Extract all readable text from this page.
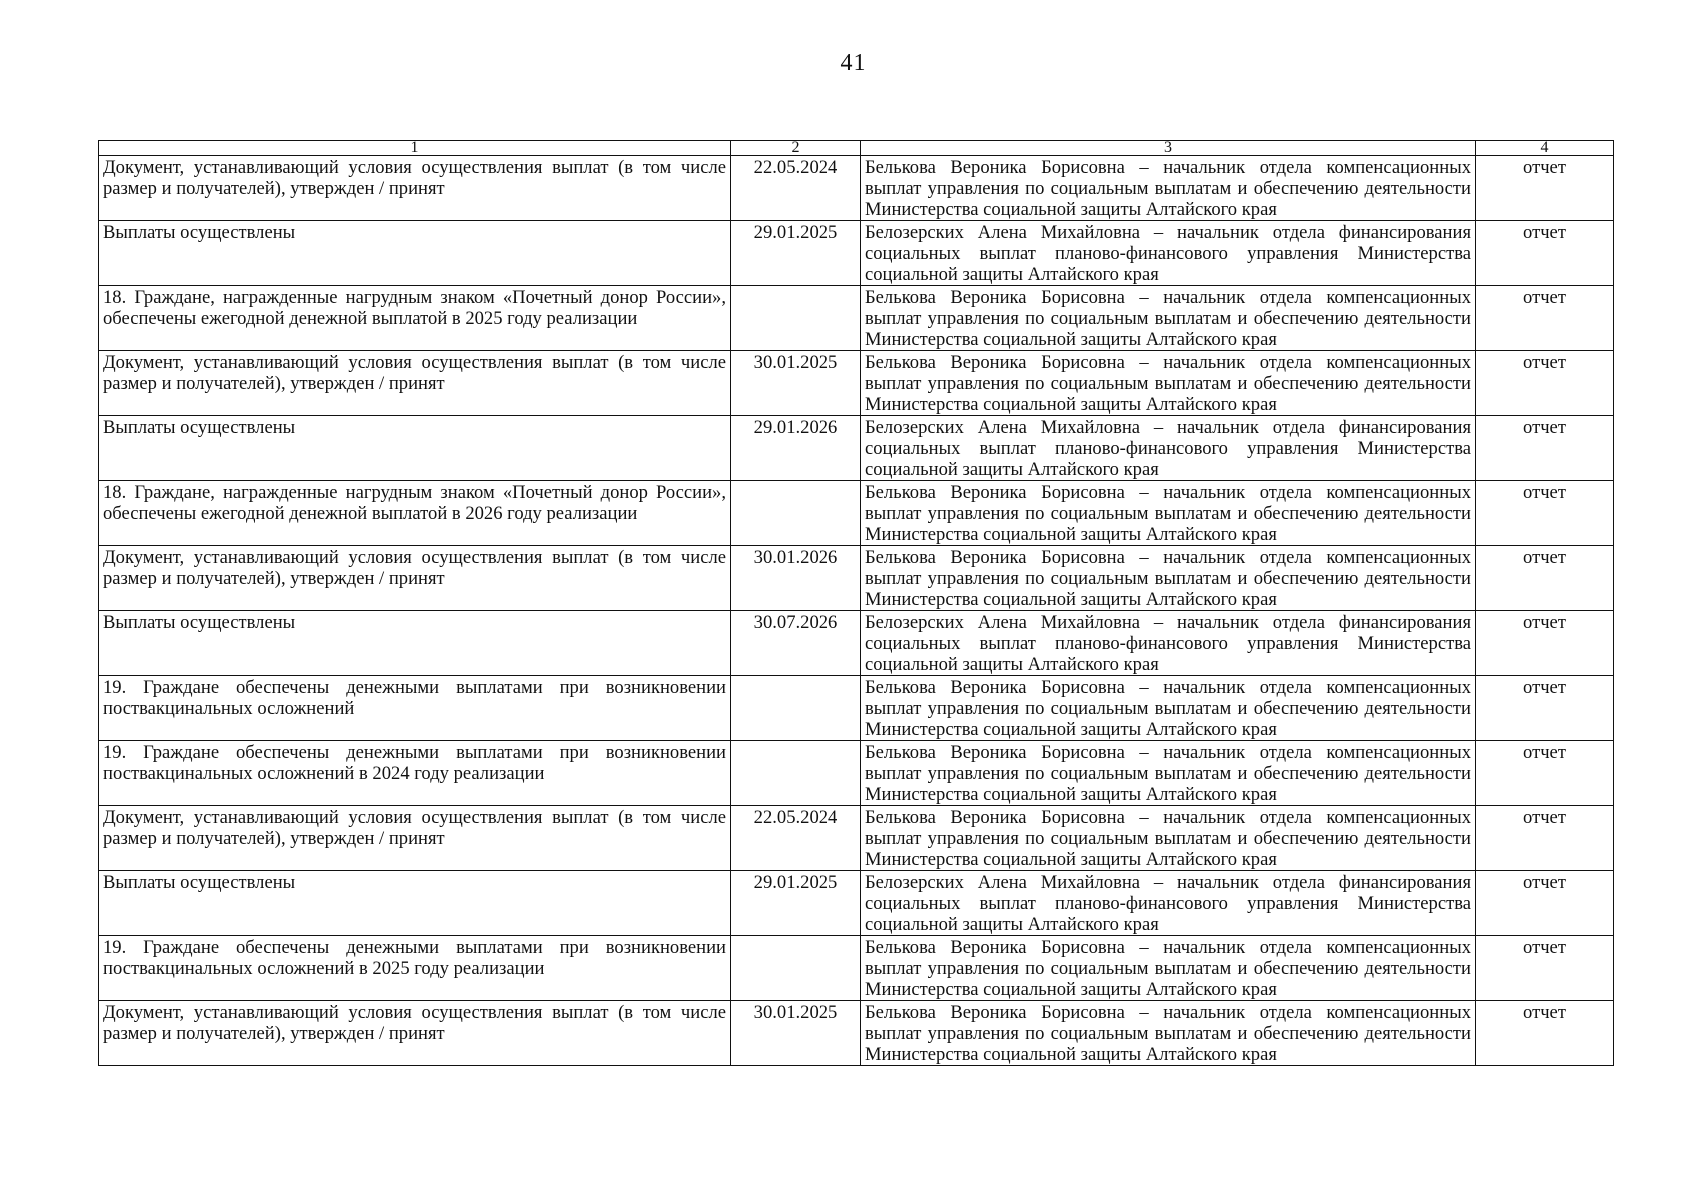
41
1	2	3	4
Документ, устанавливающий условия осуществления выплат (в том числе размер и получателей), утвержден / принят	22.05.2024	Белькова Вероника Борисовна – начальник отдела компенсационных выплат управления по социальным выплатам и обеспечению деятельности Министерства социальной защиты Алтайского края	отчет
Выплаты осуществлены	29.01.2025	Белозерских Алена Михайловна – начальник отдела финансирования социальных выплат планово-финансового управления Министерства социальной защиты Алтайского края	отчет
18. Граждане, награжденные нагрудным знаком «Почетный донор России», обеспечены ежегодной денежной выплатой в 2025 году реализации		Белькова Вероника Борисовна – начальник отдела компенсационных выплат управления по социальным выплатам и обеспечению деятельности Министерства социальной защиты Алтайского края	отчет
Документ, устанавливающий условия осуществления выплат (в том числе размер и получателей), утвержден / принят	30.01.2025	Белькова Вероника Борисовна – начальник отдела компенсационных выплат управления по социальным выплатам и обеспечению деятельности Министерства социальной защиты Алтайского края	отчет
Выплаты осуществлены	29.01.2026	Белозерских Алена Михайловна – начальник отдела финансирования социальных выплат планово-финансового управления Министерства социальной защиты Алтайского края	отчет
18. Граждане, награжденные нагрудным знаком «Почетный донор России», обеспечены ежегодной денежной выплатой в 2026 году реализации		Белькова Вероника Борисовна – начальник отдела компенсационных выплат управления по социальным выплатам и обеспечению деятельности Министерства социальной защиты Алтайского края	отчет
Документ, устанавливающий условия осуществления выплат (в том числе размер и получателей), утвержден / принят	30.01.2026	Белькова Вероника Борисовна – начальник отдела компенсационных выплат управления по социальным выплатам и обеспечению деятельности Министерства социальной защиты Алтайского края	отчет
Выплаты осуществлены	30.07.2026	Белозерских Алена Михайловна – начальник отдела финансирования социальных выплат планово-финансового управления Министерства социальной защиты Алтайского края	отчет
19. Граждане обеспечены денежными выплатами при возникновении поствакцинальных осложнений		Белькова Вероника Борисовна – начальник отдела компенсационных выплат управления по социальным выплатам и обеспечению деятельности Министерства социальной защиты Алтайского края	отчет
19. Граждане обеспечены денежными выплатами при возникновении поствакцинальных осложнений в 2024 году реализации		Белькова Вероника Борисовна – начальник отдела компенсационных выплат управления по социальным выплатам и обеспечению деятельности Министерства социальной защиты Алтайского края	отчет
Документ, устанавливающий условия осуществления выплат (в том числе размер и получателей), утвержден / принят	22.05.2024	Белькова Вероника Борисовна – начальник отдела компенсационных выплат управления по социальным выплатам и обеспечению деятельности Министерства социальной защиты Алтайского края	отчет
Выплаты осуществлены	29.01.2025	Белозерских Алена Михайловна – начальник отдела финансирования социальных выплат планово-финансового управления Министерства социальной защиты Алтайского края	отчет
19. Граждане обеспечены денежными выплатами при возникновении поствакцинальных осложнений в 2025 году реализации		Белькова Вероника Борисовна – начальник отдела компенсационных выплат управления по социальным выплатам и обеспечению деятельности Министерства социальной защиты Алтайского края	отчет
Документ, устанавливающий условия осуществления выплат (в том числе размер и получателей), утвержден / принят	30.01.2025	Белькова Вероника Борисовна – начальник отдела компенсационных выплат управления по социальным выплатам и обеспечению деятельности Министерства социальной защиты Алтайского края	отчет
